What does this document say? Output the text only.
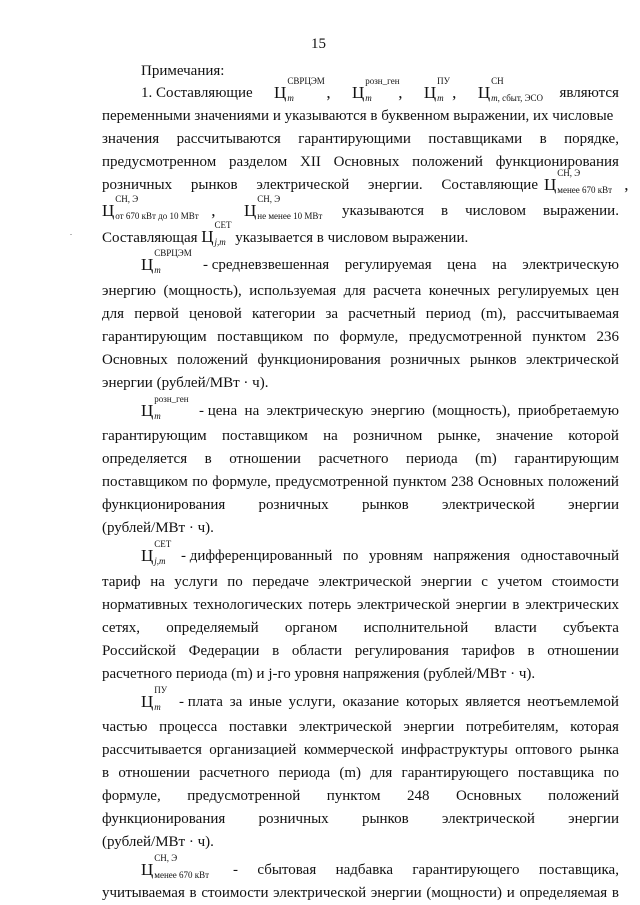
15
Примечания:
1. Составляющие Ц
СВРЦЭМ
m , Ц
розн_ген
m , Ц
ПУ
m , Ц
СН
m, сбыт, ЭСО являются
переменными значениями и указываются в буквенном выражении, их числовые
значения рассчитываются гарантирующими поставщиками в порядке,
предусмотренном разделом XII Основных положений функционирования
розничных рынков электрической энергии. Составляющие Ц
СН, Э
менее 670 кВт ,
Ц
СН, Э
от 670 кВт до 10 МВт , Ц
СН, Э
не менее 10 МВт указываются в числовом выражении.
Составляющая Ц
СЕТ
j,m указывается в числовом выражении.
.
Ц
СВРЦЭМ
m	- средневзвешенная регулируемая цена на электрическую
энергию (мощность), используемая для расчета конечных регулируемых цен
для первой ценовой категории за расчетный период (m), рассчитываемая
гарантирующим поставщиком по формуле, предусмотренной пунктом 236
Основных положений функционирования розничных рынков электрической
энергии (рублей/МВт · ч).
Ц
розн_ген
m	- цена на электрическую энергию (мощность), приобретаемую
гарантирующим поставщиком на розничном рынке, значение которой
определяется в отношении расчетного периода (m) гарантирующим
поставщиком по формуле, предусмотренной пунктом 238 Основных положений
функционирования розничных рынков электрической энергии
(рублей/МВт · ч).
Ц
СЕТ
j,m - дифференцированный по уровням напряжения одноставочный
тариф на услуги по передаче электрической энергии с учетом стоимости
нормативных технологических потерь электрической энергии в электрических
сетях, определяемый органом исполнительной власти субъекта
Российской Федерации в области регулирования тарифов в отношении
расчетного периода (m) и j-го уровня напряжения (рублей/МВт · ч).
Ц
ПУ
m - плата за иные услуги, оказание которых является неотъемлемой
частью процесса поставки электрической энергии потребителям, которая
рассчитывается организацией коммерческой инфраструктуры оптового рынка
в отношении расчетного периода (m) для гарантирующего поставщика по
формуле, предусмотренной пунктом 248 Основных положений
функционирования розничных рынков электрической энергии
(рублей/МВт · ч).
Ц
СН, Э
менее 670 кВт - сбытовая надбавка гарантирующего поставщика,
учитываемая в стоимости электрической энергии (мощности) и определяемая в
